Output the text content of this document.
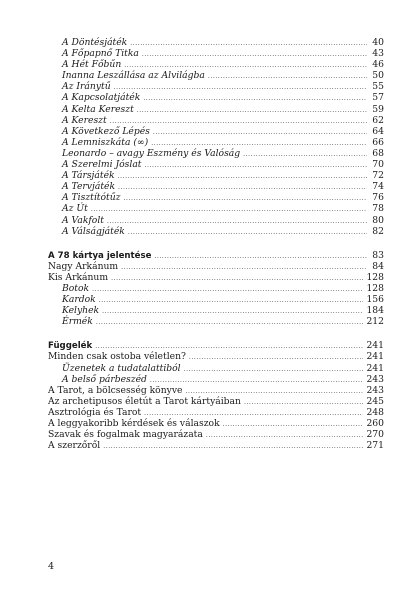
A Döntésjáték .....	40
A Főpapnő Titka .....	43
A Hét Főbűn .....	46
Inanna Leszállása az Alvilágba .....	50
Az Iránytű .....	55
A Kapcsolatjáték .....	57
A Kelta Kereszt .....	59
A Kereszt .....	62
A Következő Lépés .....	64
A Lemniszkáta (∞) .....	66
Leonardo – avagy Eszmény és Valóság .....	68
A Szerelmi Jóslat .....	70
A Társjáték .....	72
A Tervjáték .....	74
A Tisztítótűz .....	76
Az Út .....	78
A Vakfolt .....	80
A Válságjáték .....	82
A 78 kártya jelentése .....	83
Nagy Arkánum .....	84
Kis Arkánum .....	128
Botok .....	128
Kardok .....	156
Kelyhek .....	184
Érmék .....	212
Függelék .....	241
Minden csak ostoba véletlen? .....	241
Üzenetek a tudatalattiból .....	241
A belső párbeszéd .....	243
A Tarot, a bölcsesség könyve .....	243
Az archetipusos életút a Tarot kártyáiban .....	245
Asztrológia és Tarot .....	248
A leggyakoribb kérdések és válaszok .....	260
Szavak és fogalmak magyarázata .....	270
A szerzőről .....	271
4
